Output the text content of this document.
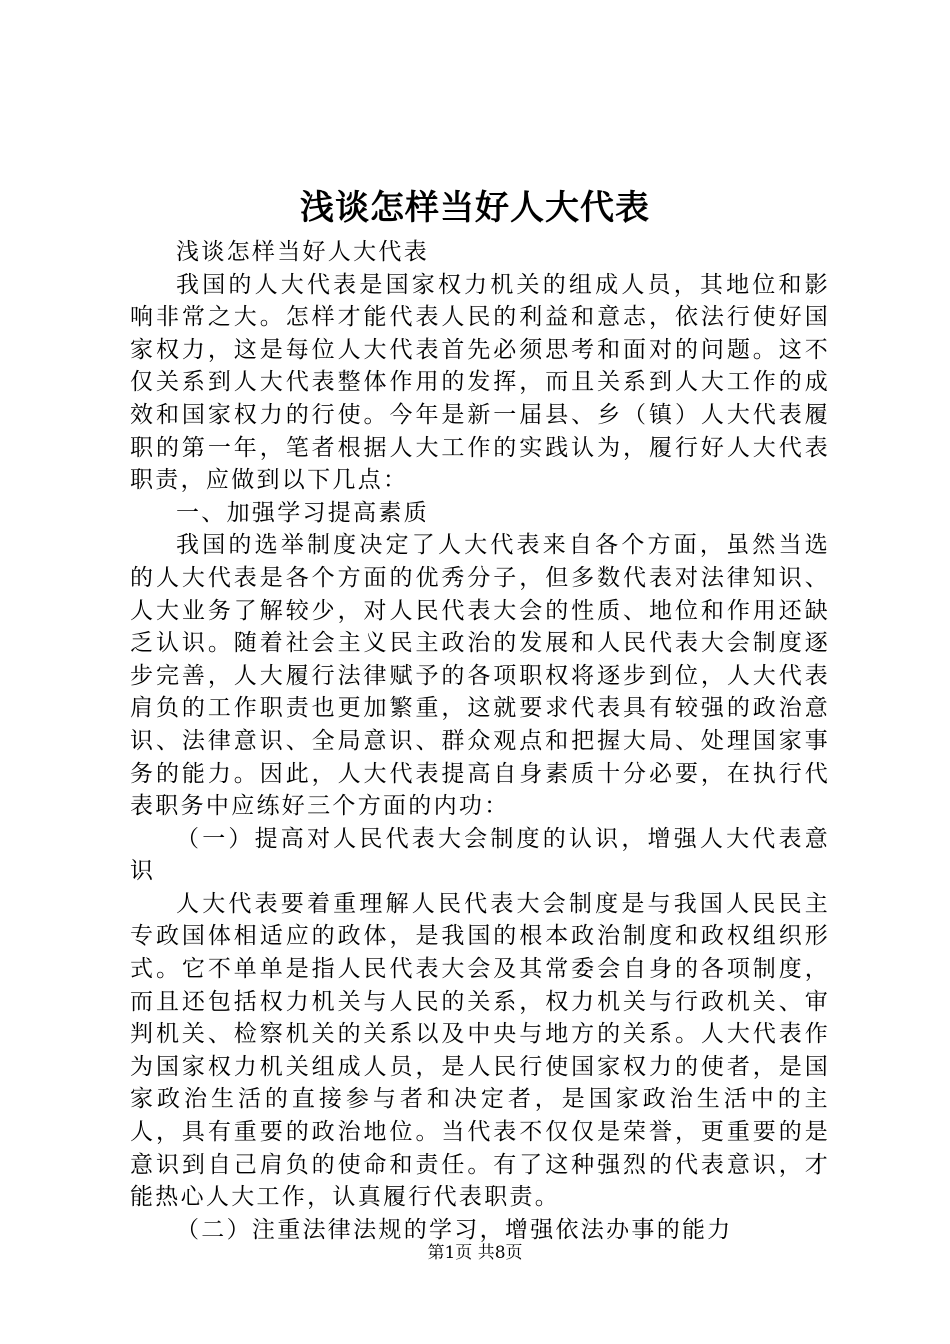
浅谈怎样当好人大代表

浅谈怎样当好人大代表

我国的人大代表是国家权力机关的组成人员，其地位和影响非常之大。怎样才能代表人民的利益和意志，依法行使好国家权力，这是每位人大代表首先必须思考和面对的问题。这不仅关系到人大代表整体作用的发挥，而且关系到人大工作的成效和国家权力的行使。今年是新一届县、乡（镇）人大代表履职的第一年，笔者根据人大工作的实践认为，履行好人大代表职责，应做到以下几点：

一、加强学习提高素质

我国的选举制度决定了人大代表来自各个方面，虽然当选的人大代表是各个方面的优秀分子，但多数代表对法律知识、人大业务了解较少，对人民代表大会的性质、地位和作用还缺乏认识。随着社会主义民主政治的发展和人民代表大会制度逐步完善，人大履行法律赋予的各项职权将逐步到位，人大代表肩负的工作职责也更加繁重，这就要求代表具有较强的政治意识、法律意识、全局意识、群众观点和把握大局、处理国家事务的能力。因此，人大代表提高自身素质十分必要，在执行代表职务中应练好三个方面的内功：

（一）提高对人民代表大会制度的认识，增强人大代表意识

人大代表要着重理解人民代表大会制度是与我国人民民主专政国体相适应的政体，是我国的根本政治制度和政权组织形式。它不单单是指人民代表大会及其常委会自身的各项制度，而且还包括权力机关与人民的关系，权力机关与行政机关、审判机关、检察机关的关系以及中央与地方的关系。人大代表作为国家权力机关组成人员，是人民行使国家权力的使者，是国家政治生活的直接参与者和决定者，是国家政治生活中的主人，具有重要的政治地位。当代表不仅仅是荣誉，更重要的是意识到自己肩负的使命和责任。有了这种强烈的代表意识，才能热心人大工作，认真履行代表职责。

（二）注重法律法规的学习，增强依法办事的能力

第1页 共8页
